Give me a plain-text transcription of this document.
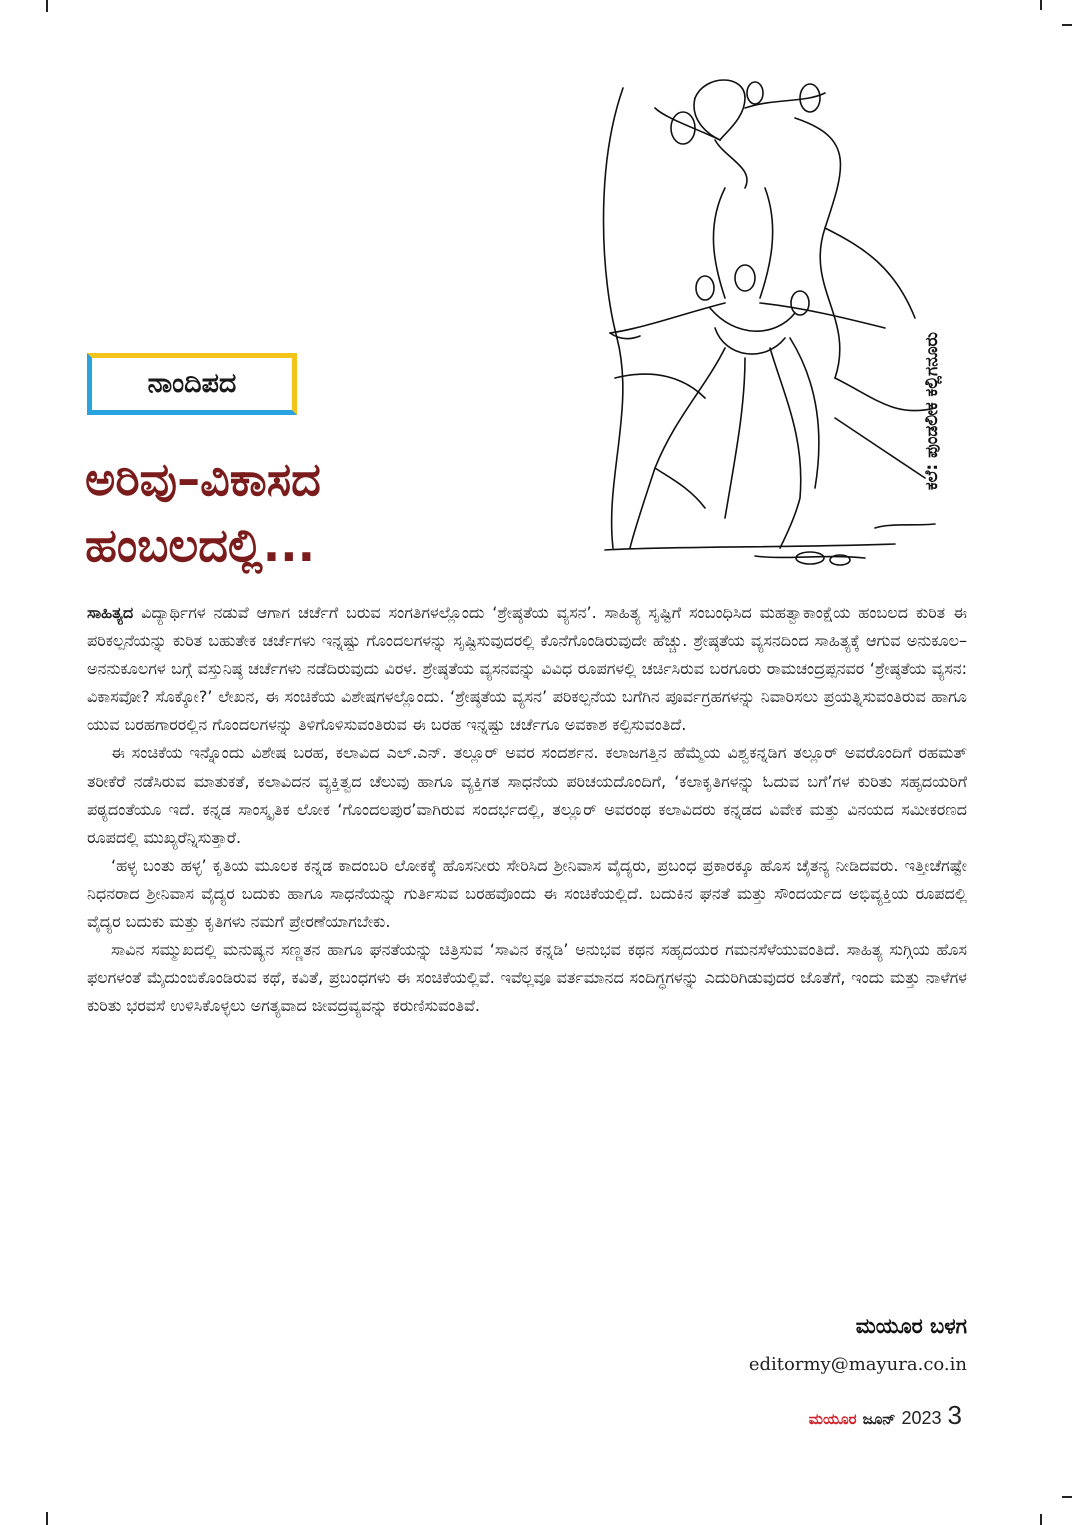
ನಾಂದಿಪದ
ಅರಿವು–ವಿಕಾಸದ
ಹಂಬಲದಲ್ಲಿ...
ಕಲೆ: ಪುಂಡಲೀಕ ಕಲ್ಲಿಗನೂರು

ಸಾಹಿತ್ಯದ ವಿದ್ಯಾರ್ಥಿಗಳ ನಡುವೆ ಆಗಾಗ ಚರ್ಚೆಗೆ ಬರುವ ಸಂಗತಿಗಳಲ್ಲೊಂದು ‘ಶ್ರೇಷ್ಠತೆಯ ವ್ಯಸನ’. ಸಾಹಿತ್ಯ ಸೃಷ್ಟಿಗೆ ಸಂಬಂಧಿಸಿದ ಮಹತ್ವಾಕಾಂಕ್ಷೆಯ ಹಂಬಲದ ಕುರಿತ ಈ ಪರಿಕಲ್ಪನೆಯನ್ನು ಕುರಿತ ಬಹುತೇಕ ಚರ್ಚೆಗಳು ಇನ್ನಷ್ಟು ಗೊಂದಲಗಳನ್ನು ಸೃಷ್ಟಿಸುವುದರಲ್ಲಿ ಕೊನೆಗೊಂಡಿರುವುದೇ ಹೆಚ್ಚು. ಶ್ರೇಷ್ಠತೆಯ ವ್ಯಸನದಿಂದ ಸಾಹಿತ್ಯಕ್ಕೆ ಆಗುವ ಅನುಕೂಲ–ಅನನುಕೂಲಗಳ ಬಗ್ಗೆ ವಸ್ತುನಿಷ್ಠ ಚರ್ಚೆಗಳು ನಡೆದಿರುವುದು ವಿರಳ. ಶ್ರೇಷ್ಠತೆಯ ವ್ಯಸನವನ್ನು ವಿವಿಧ ರೂಪಗಳಲ್ಲಿ ಚರ್ಚಿಸಿರುವ ಬರಗೂರು ರಾಮಚಂದ್ರಪ್ಪನವರ ‘ಶ್ರೇಷ್ಠತೆಯ ವ್ಯಸನ: ವಿಕಾಸವೋ? ಸೊಕ್ಕೋ?’ ಲೇಖನ, ಈ ಸಂಚಿಕೆಯ ವಿಶೇಷಗಳಲ್ಲೊಂದು. ‘ಶ್ರೇಷ್ಠತೆಯ ವ್ಯಸನ’ ಪರಿಕಲ್ಪನೆಯ ಬಗೆಗಿನ ಪೂರ್ವಗ್ರಹಗಳನ್ನು ನಿವಾರಿಸಲು ಪ್ರಯತ್ನಿಸುವಂತಿರುವ ಹಾಗೂ ಯುವ ಬರಹಗಾರರಲ್ಲಿನ ಗೊಂದಲಗಳನ್ನು ತಿಳಿಗೊಳಿಸುವಂತಿರುವ ಈ ಬರಹ ಇನ್ನಷ್ಟು ಚರ್ಚೆಗೂ ಅವಕಾಶ ಕಲ್ಪಿಸುವಂತಿದೆ.

ಈ ಸಂಚಿಕೆಯ ಇನ್ನೊಂದು ವಿಶೇಷ ಬರಹ, ಕಲಾವಿದ ಎಲ್.ಎನ್. ತಲ್ಲೂರ್ ಅವರ ಸಂದರ್ಶನ. ಕಲಾಜಗತ್ತಿನ ಹೆಮ್ಮೆಯ ವಿಶ್ವಕನ್ನಡಿಗ ತಲ್ಲೂರ್ ಅವರೊಂದಿಗೆ ರಹಮತ್ ತರೀಕೆರೆ ನಡೆಸಿರುವ ಮಾತುಕತೆ, ಕಲಾವಿದನ ವ್ಯಕ್ತಿತ್ವದ ಚೆಲುವು ಹಾಗೂ ವ್ಯಕ್ತಿಗತ ಸಾಧನೆಯ ಪರಿಚಯದೊಂದಿಗೆ, ‘ಕಲಾಕೃತಿಗಳನ್ನು ಓದುವ ಬಗೆ’ಗಳ ಕುರಿತು ಸಹೃದಯರಿಗೆ ಪಠ್ಯದಂತೆಯೂ ಇದೆ. ಕನ್ನಡ ಸಾಂಸ್ಕೃತಿಕ ಲೋಕ ‘ಗೊಂದಲಪುರ’ವಾಗಿರುವ ಸಂದರ್ಭದಲ್ಲಿ, ತಲ್ಲೂರ್ ಅವರಂಥ ಕಲಾವಿದರು ಕನ್ನಡದ ವಿವೇಕ ಮತ್ತು ವಿನಯದ ಸಮೀಕರಣದ ರೂಪದಲ್ಲಿ ಮುಖ್ಯರೆನ್ನಿಸುತ್ತಾರೆ.

‘ಹಳ್ಳ ಬಂತು ಹಳ್ಳ’ ಕೃತಿಯ ಮೂಲಕ ಕನ್ನಡ ಕಾದಂಬರಿ ಲೋಕಕ್ಕೆ ಹೊಸನೀರು ಸೇರಿಸಿದ ಶ್ರೀನಿವಾಸ ವೈದ್ಯರು, ಪ್ರಬಂಧ ಪ್ರಕಾರಕ್ಕೂ ಹೊಸ ಚೈತನ್ಯ ನೀಡಿದವರು. ಇತ್ತೀಚೆಗಷ್ಟೇ ನಿಧನರಾದ ಶ್ರೀನಿವಾಸ ವೈದ್ಯರ ಬದುಕು ಹಾಗೂ ಸಾಧನೆಯನ್ನು ಗುರ್ತಿಸುವ ಬರಹವೊಂದು ಈ ಸಂಚಿಕೆಯಲ್ಲಿದೆ. ಬದುಕಿನ ಘನತೆ ಮತ್ತು ಸೌಂದರ್ಯದ ಅಭಿವ್ಯಕ್ತಿಯ ರೂಪದಲ್ಲಿ ವೈದ್ಯರ ಬದುಕು ಮತ್ತು ಕೃತಿಗಳು ನಮಗೆ ಪ್ರೇರಣೆಯಾಗಬೇಕು.

ಸಾವಿನ ಸಮ್ಮುಖದಲ್ಲಿ ಮನುಷ್ಯನ ಸಣ್ಣತನ ಹಾಗೂ ಘನತೆಯನ್ನು ಚಿತ್ರಿಸುವ ‘ಸಾವಿನ ಕನ್ನಡಿ’ ಅನುಭವ ಕಥನ ಸಹೃದಯರ ಗಮನಸೆಳೆಯುವಂತಿದೆ. ಸಾಹಿತ್ಯ ಸುಗ್ಗಿಯ ಹೊಸ ಫಲಗಳಂತೆ ಮೈದುಂಬಿಕೊಂಡಿರುವ ಕಥೆ, ಕವಿತೆ, ಪ್ರಬಂಧಗಳು ಈ ಸಂಚಿಕೆಯಲ್ಲಿವೆ. ಇವೆಲ್ಲವೂ ವರ್ತಮಾನದ ಸಂದಿಗ್ಧಗಳನ್ನು ಎದುರಿಗಿಡುವುದರ ಜೊತೆಗೆ, ಇಂದು ಮತ್ತು ನಾಳೆಗಳ ಕುರಿತು ಭರವಸೆ ಉಳಿಸಿಕೊಳ್ಳಲು ಅಗತ್ಯವಾದ ಜೀವದ್ರವ್ಯವನ್ನು ಕರುಣಿಸುವಂತಿವೆ.

ಮಯೂರ ಬಳಗ
editormy@mayura.co.in
ಮಯೂರ ಜೂನ್ 2023 3
